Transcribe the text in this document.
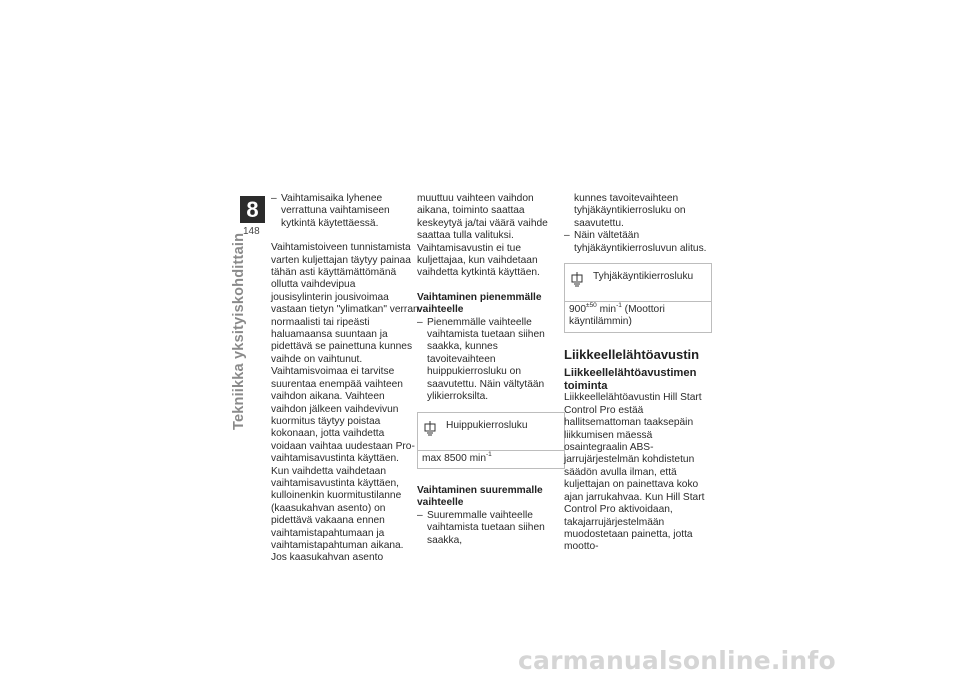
8
148
Tekniikka yksityiskohdittain

– Vaihtamisaika lyhenee verrattuna vaihtamiseen kytkintä käytettäessä.

Vaihtamistoiveen tunnistamista varten kuljettajan täytyy painaa tähän asti käyttämättömänä ollutta vaihdevipua jousisylinterin jousivoimaa vastaan tietyn "ylimatkan" verran normaalisti tai ripeästi haluamaansa suuntaan ja pidettävä se painettuna kunnes vaihde on vaihtunut. Vaihtamisvoimaa ei tarvitse suurentaa enempää vaihteen vaihdon aikana. Vaihteen vaihdon jälkeen vaihdevivun kuormitus täytyy poistaa kokonaan, jotta vaihdetta voidaan vaihtaa uudestaan Pro-vaihtamisavustinta käyttäen. Kun vaihdetta vaihdetaan vaihtamisavustinta käyttäen, kulloinenkin kuormitustilanne (kaasukahvan asento) on pidettävä vakaana ennen vaihtamistapahtumaan ja vaihtamistapahtuman aikana. Jos kaasukahvan asento

muuttuu vaihteen vaihdon aikana, toiminto saattaa keskeytyä ja/tai väärä vaihde saattaa tulla valituksi. Vaihtamisavustin ei tue kuljettajaa, kun vaihdetaan vaihdetta kytkintä käyttäen.

Vaihtaminen pienemmälle vaihteelle

– Pienemmälle vaihteelle vaihtamista tuetaan siihen saakka, kunnes tavoitevaihteen huippukierrosluku on saavutettu. Näin vältytään ylikierroksilta.

Huippukierrosluku
max 8500 $\min^{-1}$

Vaihtaminen suuremmalle vaihteelle

– Suuremmalle vaihteelle vaihtamista tuetaan siihen saakka,

kunnes tavoitevaihteen tyhjäkäyntikierrosluku on saavutettu.

– Näin vältetään tyhjäkäyntikierrosluvun alitus.

Tyhjäkäyntikierrosluku
$900^{\pm 50}$ $\min^{-1}$ (Moottori käyntilämmin)

Liikkeellelähtöavustin

Liikkeellelähtöavustimen toiminta

Liikkeellelähtöavustin Hill Start Control Pro estää hallitsemattoman taaksepäin liikkumisen mäessä osaintegraalin ABS-jarrujärjestelmän kohdistetun säädön avulla ilman, että kuljettajan on painettava koko ajan jarrukahvaa. Kun Hill Start Control Pro aktivoidaan, takajarrujärjestelmään muodostetaan painetta, jotta mootto-

carmanualsonline.info
